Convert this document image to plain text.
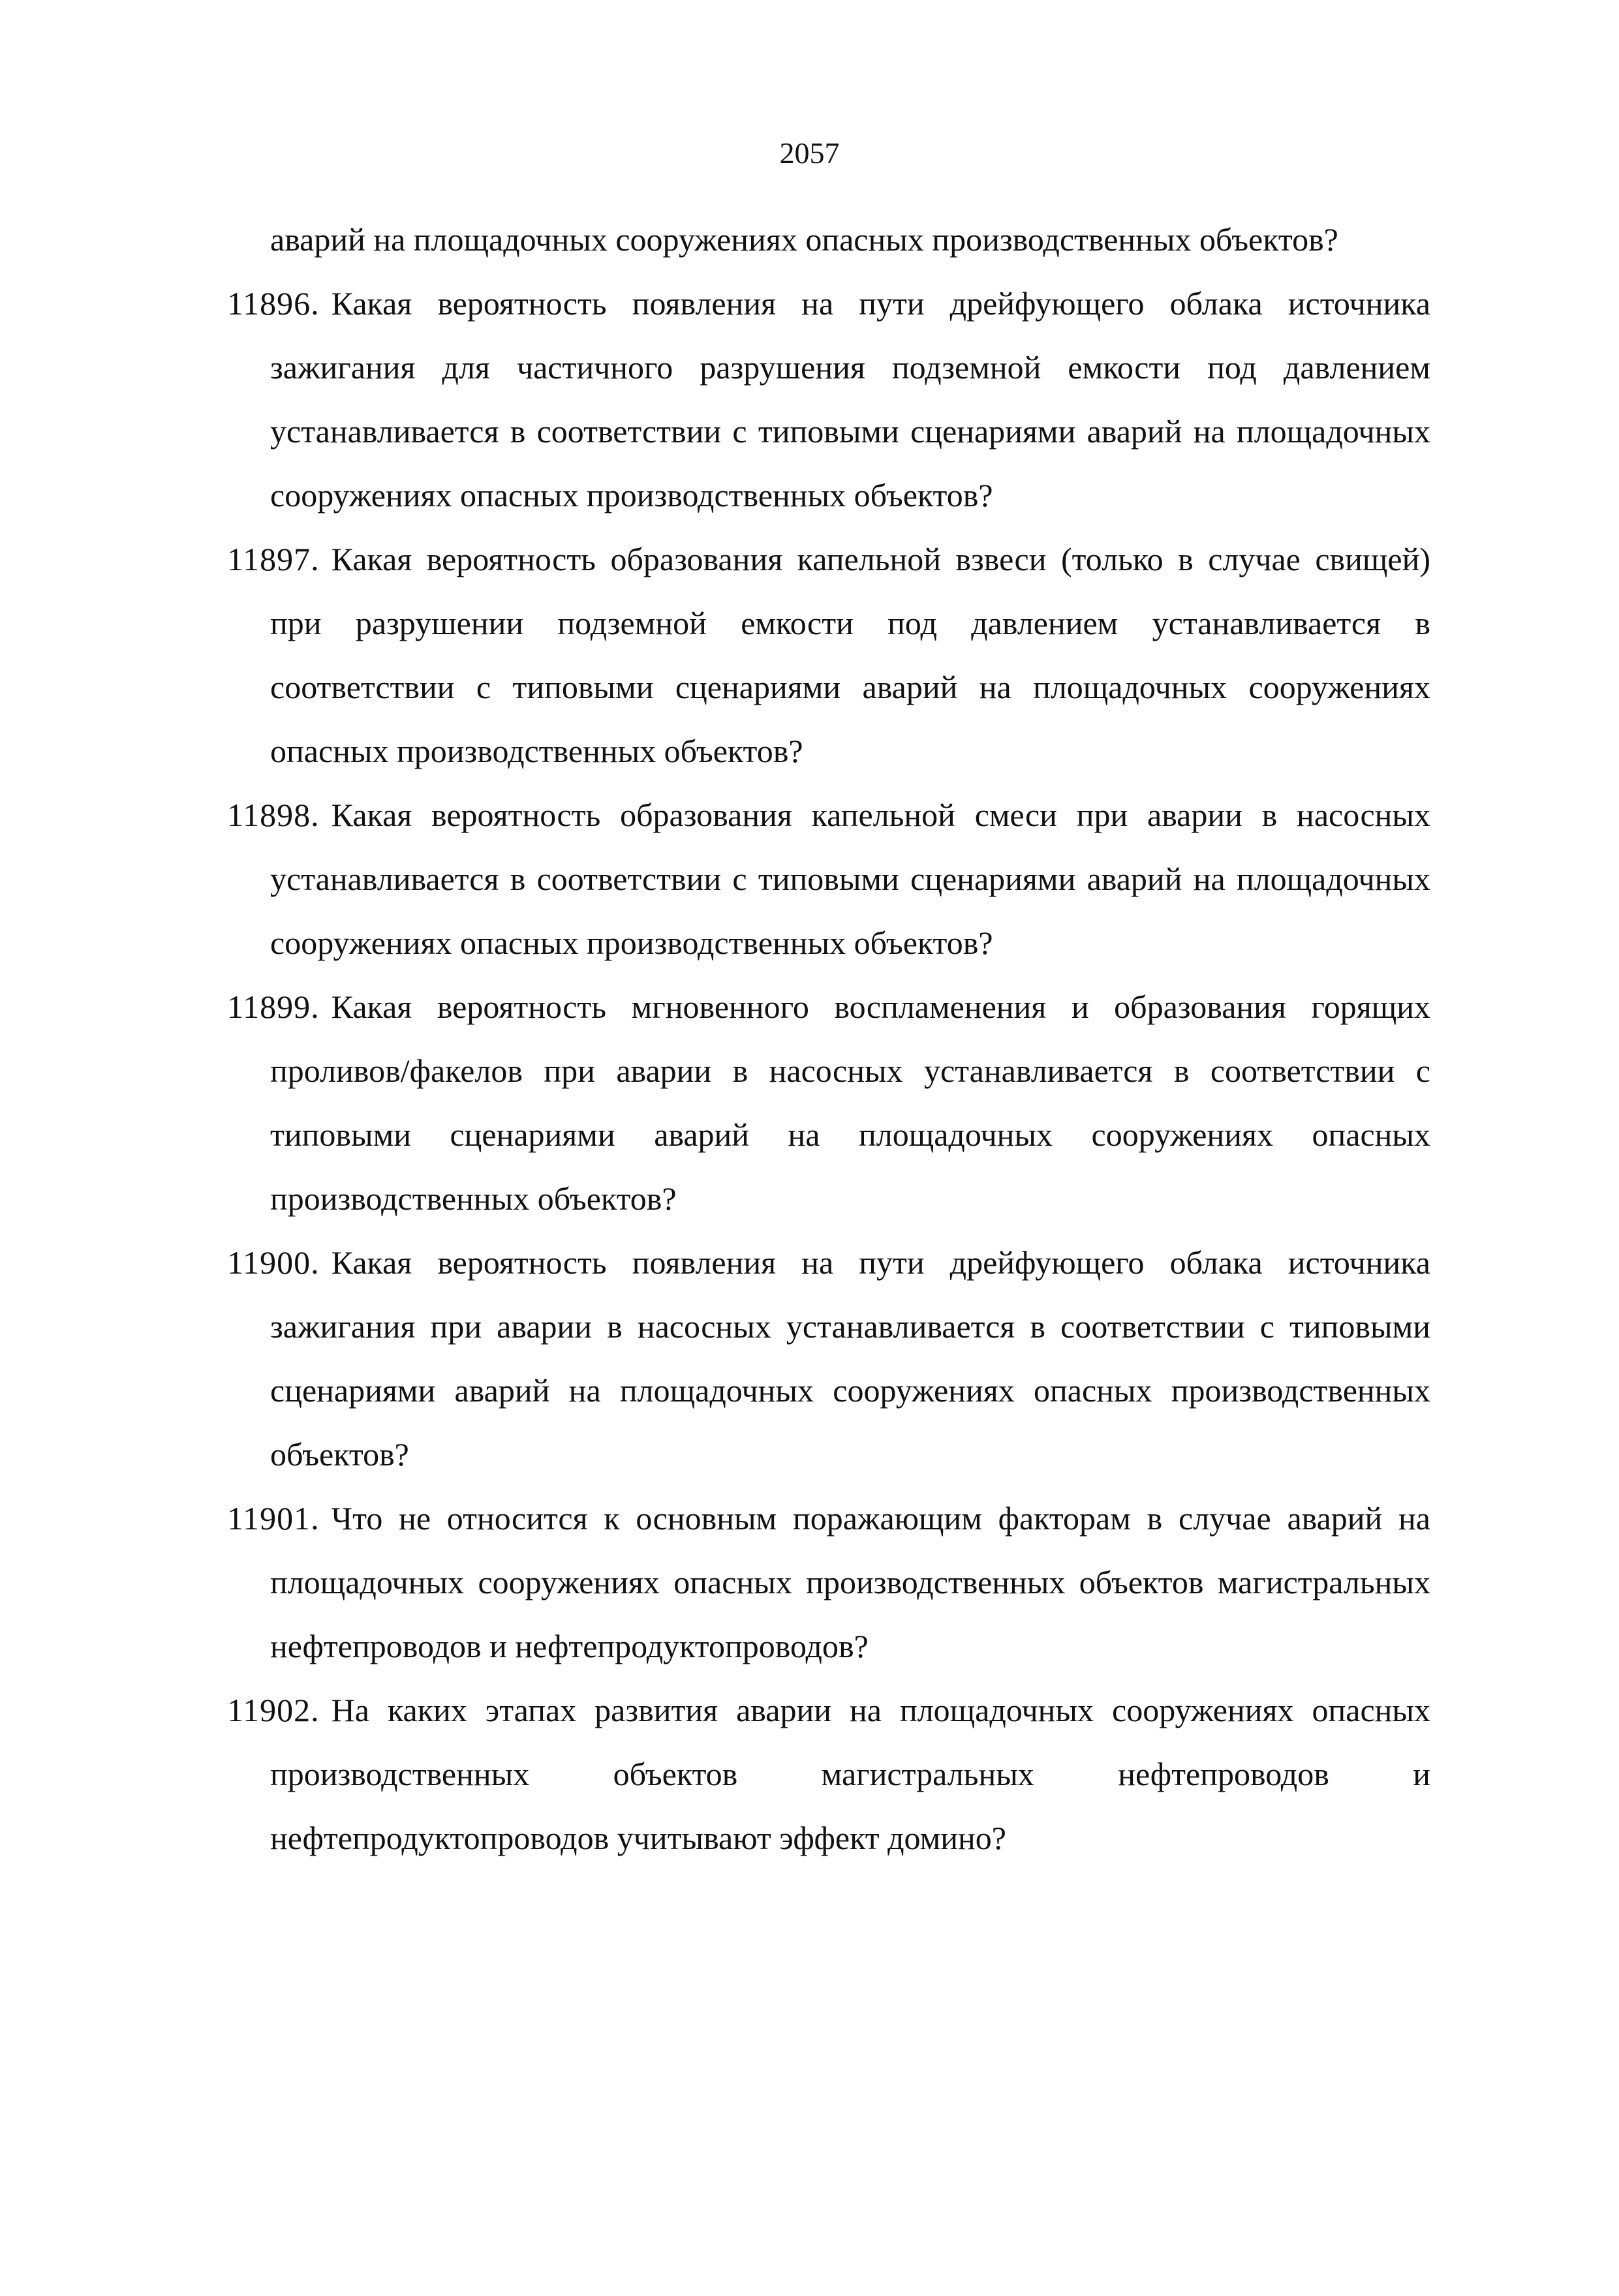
2057

аварий на площадочных сооружениях опасных производственных объектов?

11896. Какая вероятность появления на пути дрейфующего облака источника зажигания для частичного разрушения подземной емкости под давлением устанавливается в соответствии с типовыми сценариями аварий на площадочных сооружениях опасных производственных объектов?

11897. Какая вероятность образования капельной взвеси (только в случае свищей) при разрушении подземной емкости под давлением устанавливается в соответствии с типовыми сценариями аварий на площадочных сооружениях опасных производственных объектов?

11898. Какая вероятность образования капельной смеси при аварии в насосных устанавливается в соответствии с типовыми сценариями аварий на площадочных сооружениях опасных производственных объектов?

11899. Какая вероятность мгновенного воспламенения и образования горящих проливов/факелов при аварии в насосных устанавливается в соответствии с типовыми сценариями аварий на площадочных сооружениях опасных производственных объектов?

11900. Какая вероятность появления на пути дрейфующего облака источника зажигания при аварии в насосных устанавливается в соответствии с типовыми сценариями аварий на площадочных сооружениях опасных производственных объектов?

11901. Что не относится к основным поражающим факторам в случае аварий на площадочных сооружениях опасных производственных объектов магистральных нефтепроводов и нефтепродуктопроводов?

11902. На каких этапах развития аварии на площадочных сооружениях опасных производственных объектов магистральных нефтепроводов и нефтепродуктопроводов учитывают эффект домино?
